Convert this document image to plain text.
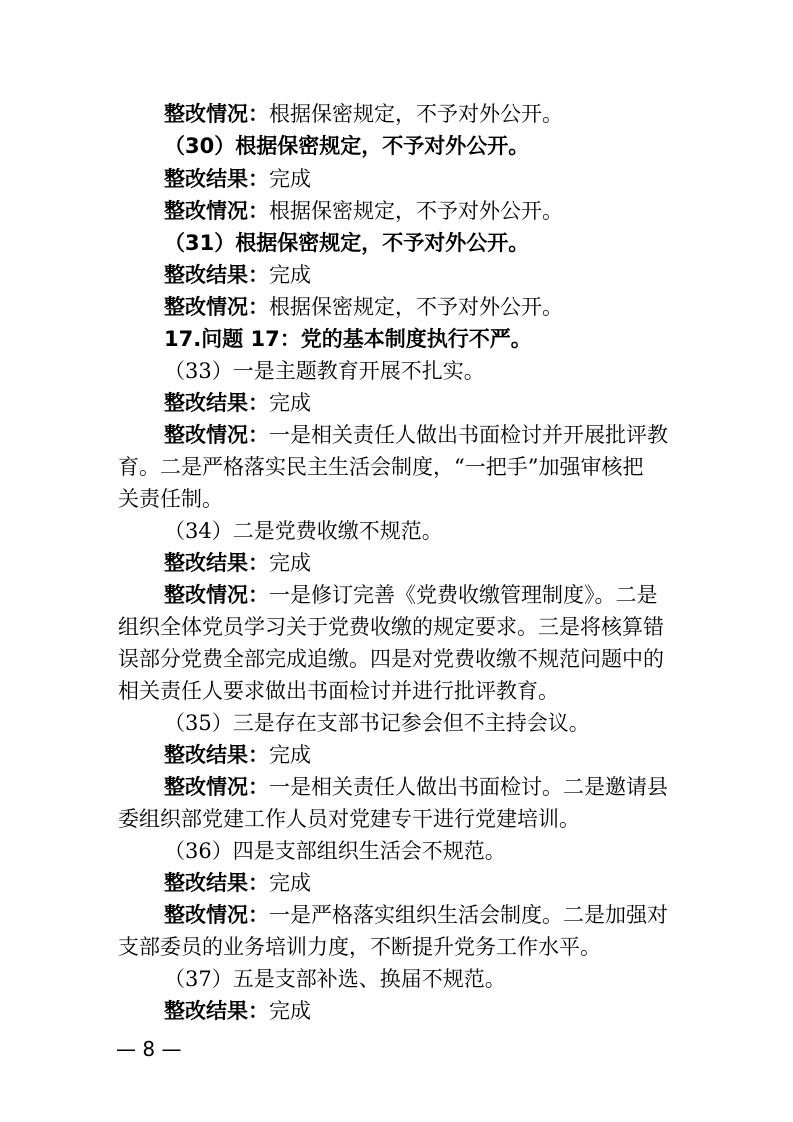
整改情况：根据保密规定，不予对外公开。
（30）根据保密规定，不予对外公开。
整改结果：完成
整改情况：根据保密规定，不予对外公开。
（31）根据保密规定，不予对外公开。
整改结果：完成
整改情况：根据保密规定，不予对外公开。
17.问题 17：党的基本制度执行不严。
（33）一是主题教育开展不扎实。
整改结果：完成
整改情况：一是相关责任人做出书面检讨并开展批评教
育。二是严格落实民主生活会制度，“一把手”加强审核把
关责任制。
（34）二是党费收缴不规范。
整改结果：完成
整改情况：一是修订完善《党费收缴管理制度》。二是
组织全体党员学习关于党费收缴的规定要求。三是将核算错
误部分党费全部完成追缴。四是对党费收缴不规范问题中的
相关责任人要求做出书面检讨并进行批评教育。
（35）三是存在支部书记参会但不主持会议。
整改结果：完成
整改情况：一是相关责任人做出书面检讨。二是邀请县
委组织部党建工作人员对党建专干进行党建培训。
（36）四是支部组织生活会不规范。
整改结果：完成
整改情况：一是严格落实组织生活会制度。二是加强对
支部委员的业务培训力度，不断提升党务工作水平。
（37）五是支部补选、换届不规范。
整改结果：完成
— 8 —
